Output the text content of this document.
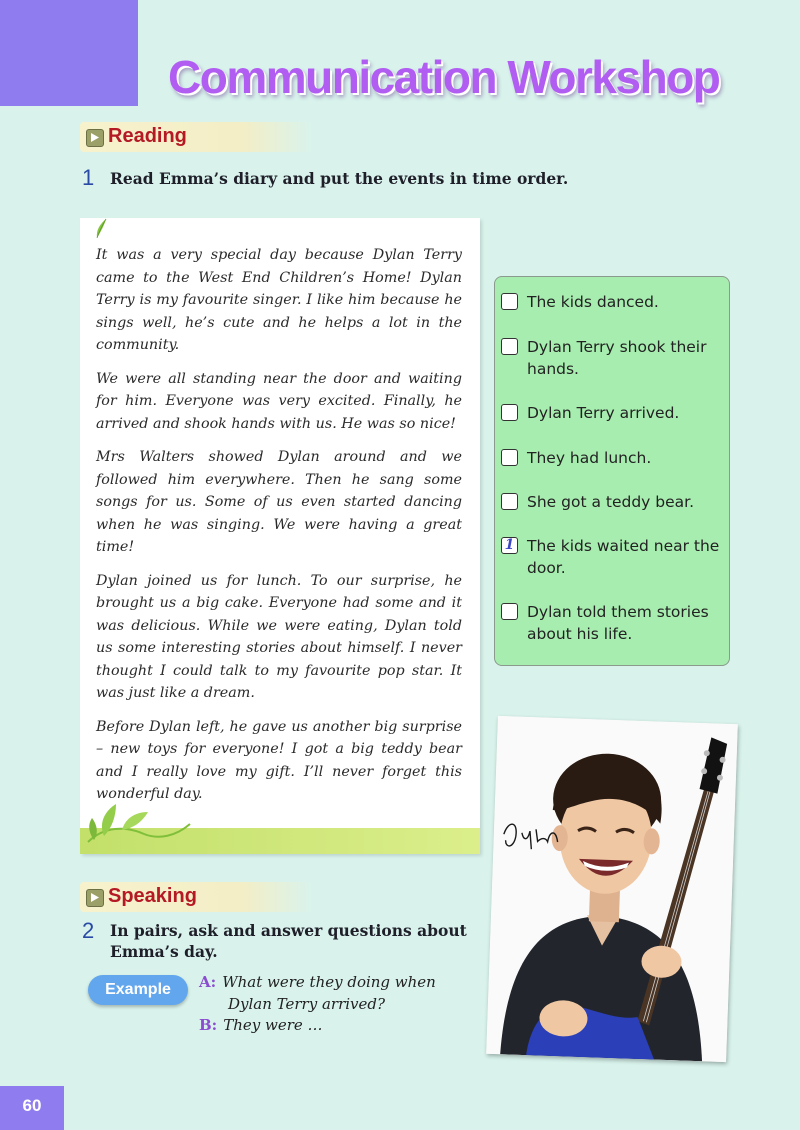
Communication Workshop
Reading
1 Read Emma’s diary and put the events in time order.

It was a very special day because Dylan Terry came to the West End Children’s Home! Dylan Terry is my favourite singer. I like him because he sings well, he’s cute and he helps a lot in the community.

We were all standing near the door and waiting for him. Everyone was very excited. Finally, he arrived and shook hands with us. He was so nice!

Mrs Walters showed Dylan around and we followed him everywhere. Then he sang some songs for us. Some of us even started dancing when he was singing. We were having a great time!

Dylan joined us for lunch. To our surprise, he brought us a big cake. Everyone had some and it was delicious. While we were eating, Dylan told us some interesting stories about himself. I never thought I could talk to my favourite pop star. It was just like a dream.

Before Dylan left, he gave us another big surprise – new toys for everyone! I got a big teddy bear and I really love my gift. I’ll never forget this wonderful day.

The kids danced.
Dylan Terry shook their hands.
Dylan Terry arrived.
They had lunch.
She got a teddy bear.
1 The kids waited near the door.
Dylan told them stories about his life.
Speaking
2 In pairs, ask and answer questions about Emma’s day.
Example	A: What were they doing when
Dylan Terry arrived?
B: They were …
60
